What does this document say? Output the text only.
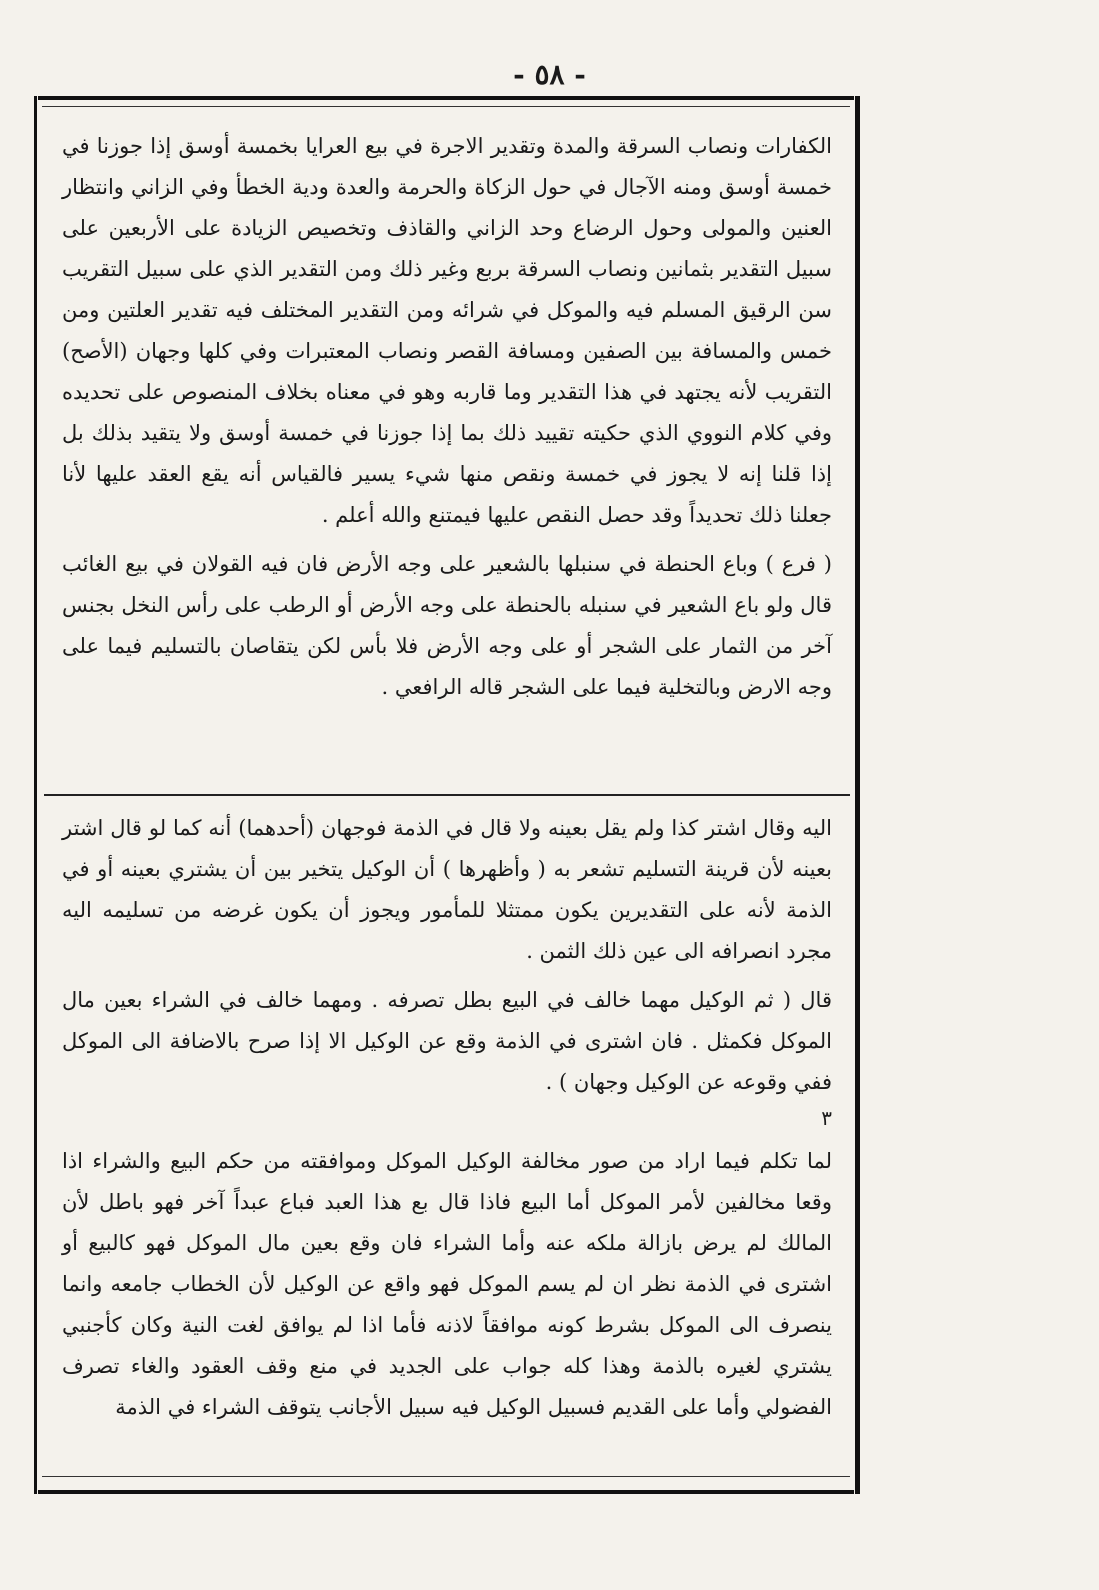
- ٥٨ -

الكفارات ونصاب السرقة والمدة وتقدير الاجرة في بيع العرايا بخمسة أوسق إذا جوزنا في خمسة أوسق ومنه الآجال في حول الزكاة والحرمة والعدة ودية الخطأ وفي الزاني وانتظار العنين والمولى وحول الرضاع وحد الزاني والقاذف وتخصيص الزيادة على الأربعين على سبيل التقدير بثمانين ونصاب السرقة بربع وغير ذلك ومن التقدير الذي على سبيل التقريب سن الرقيق المسلم فيه والموكل في شرائه ومن التقدير المختلف فيه تقدير العلتين ومن خمس والمسافة بين الصفين ومسافة القصر ونصاب المعتبرات وفي كلها وجهان (الأصح) التقريب لأنه يجتهد في هذا التقدير وما قاربه وهو في معناه بخلاف المنصوص على تحديده وفي كلام النووي الذي حكيته تقييد ذلك بما إذا جوزنا في خمسة أوسق ولا يتقيد بذلك بل إذا قلنا إنه لا يجوز في خمسة ونقص منها شيء يسير فالقياس أنه يقع العقد عليها لأنا جعلنا ذلك تحديداً وقد حصل النقص عليها فيمتنع والله أعلم .

( فرع ) وباع الحنطة في سنبلها بالشعير على وجه الأرض فان فيه القولان في بيع الغائب قال ولو باع الشعير في سنبله بالحنطة على وجه الأرض أو الرطب على رأس النخل بجنس آخر من الثمار على الشجر أو على وجه الأرض فلا بأس لكن يتقاصان بالتسليم فيما على وجه الارض وبالتخلية فيما على الشجر قاله الرافعي .

اليه وقال اشتر كذا ولم يقل بعينه ولا قال في الذمة فوجهان (أحدهما) أنه كما لو قال اشتر بعينه لأن قرينة التسليم تشعر به ( وأظهرها ) أن الوكيل يتخير بين أن يشتري بعينه أو في الذمة لأنه على التقديرين يكون ممتثلا للمأمور ويجوز أن يكون غرضه من تسليمه اليه مجرد انصرافه الى عين ذلك الثمن .

قال ( ثم الوكيل مهما خالف في البيع بطل تصرفه . ومهما خالف في الشراء بعين مال الموكل فكمثل . فان اشترى في الذمة وقع عن الوكيل الا إذا صرح بالاضافة الى الموكل ففي وقوعه عن الوكيل وجهان ) .

٣

لما تكلم فيما اراد من صور مخالفة الوكيل الموكل وموافقته من حكم البيع والشراء اذا وقعا مخالفين لأمر الموكل أما البيع فاذا قال بع هذا العبد فباع عبداً آخر فهو باطل لأن المالك لم يرض بازالة ملكه عنه وأما الشراء فان وقع بعين مال الموكل فهو كالبيع أو اشترى في الذمة نظر ان لم يسم الموكل فهو واقع عن الوكيل لأن الخطاب جامعه وانما ينصرف الى الموكل بشرط كونه موافقاً لاذنه فأما اذا لم يوافق لغت النية وكان كأجنبي يشتري لغيره بالذمة وهذا كله جواب على الجديد في منع وقف العقود والغاء تصرف الفضولي وأما على القديم فسبيل الوكيل فيه سبيل الأجانب يتوقف الشراء في الذمة
